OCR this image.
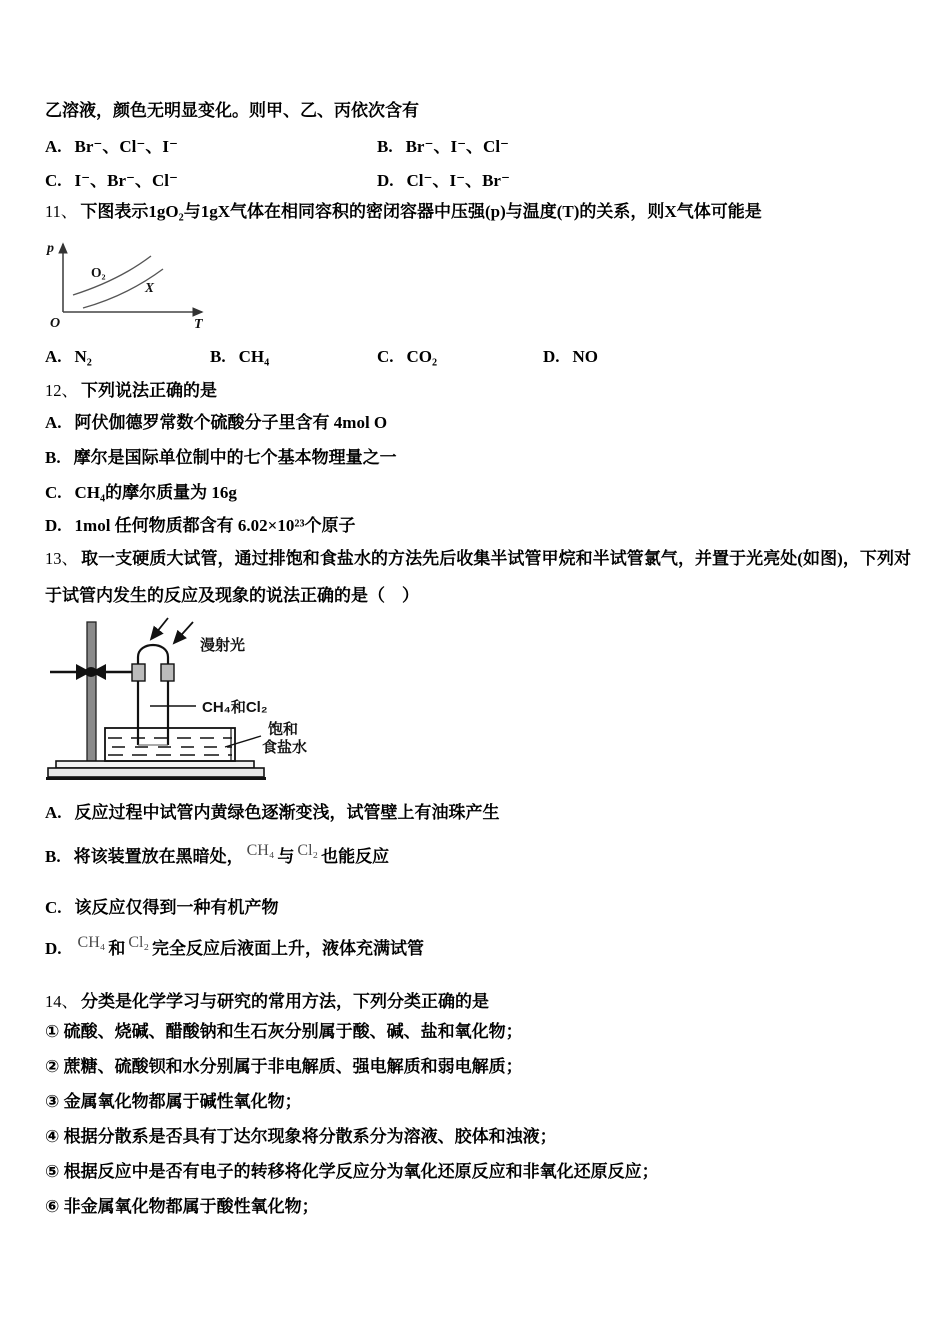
乙溶液，颜色无明显变化。则甲、乙、丙依次含有
A. Br⁻、Cl⁻、I⁻	B. Br⁻、I⁻、Cl⁻
C. I⁻、Br⁻、Cl⁻	D. Cl⁻、I⁻、Br⁻
11、 下图表示1gO₂与1gX气体在相同容积的密闭容器中压强(p)与温度(T)的关系，则X气体可能是
p
O	T
O₂
X
A. N₂	B. CH₄	C. CO₂	D. NO
12、 下列说法正确的是
A. 阿伏伽德罗常数个硫酸分子里含有 4mol O
B. 摩尔是国际单位制中的七个基本物理量之一
C. CH₄的摩尔质量为 16g
D. 1mol 任何物质都含有 6.02×10²³个原子
13、 取一支硬质大试管，通过排饱和食盐水的方法先后收集半试管甲烷和半试管氯气，并置于光亮处(如图)，下列对于试管内发生的反应及现象的说法正确的是（　）
漫射光
CH₄和Cl₂
饱和
食盐水
A. 反应过程中试管内黄绿色逐渐变浅，试管壁上有油珠产生
B. 将该装置放在黑暗处， CH₄ 与 Cl₂ 也能反应
C. 该反应仅得到一种有机产物
D. CH₄ 和 Cl₂ 完全反应后液面上升，液体充满试管
14、 分类是化学学习与研究的常用方法，下列分类正确的是
① 硫酸、烧碱、醋酸钠和生石灰分别属于酸、碱、盐和氧化物；
② 蔗糖、硫酸钡和水分别属于非电解质、强电解质和弱电解质；
③ 金属氧化物都属于碱性氧化物；
④ 根据分散系是否具有丁达尔现象将分散系分为溶液、胶体和浊液；
⑤ 根据反应中是否有电子的转移将化学反应分为氧化还原反应和非氧化还原反应；
⑥ 非金属氧化物都属于酸性氧化物；
